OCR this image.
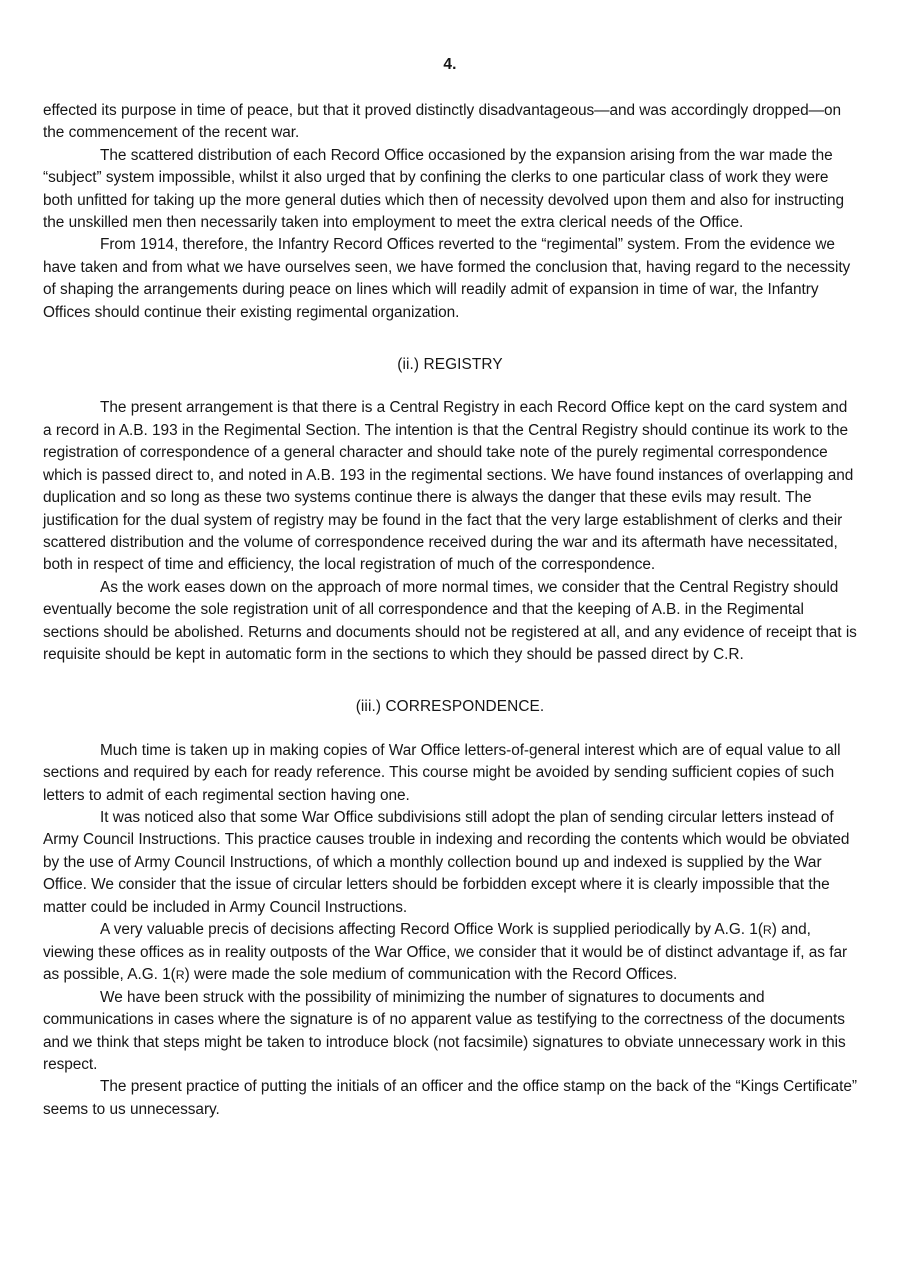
4.

effected its purpose in time of peace, but that it proved distinctly disadvantageous—and was accordingly dropped—on the commencement of the recent war.

The scattered distribution of each Record Office occasioned by the expansion arising from the war made the “subject” system impossible, whilst it also urged that by confining the clerks to one particular class of work they were both unfitted for taking up the more general duties which then of necessity devolved upon them and also for instructing the unskilled men then necessarily taken into employment to meet the extra clerical needs of the Office.

From 1914, therefore, the Infantry Record Offices reverted to the “regimental” system. From the evidence we have taken and from what we have ourselves seen, we have formed the conclusion that, having regard to the necessity of shaping the arrangements during peace on lines which will readily admit of expansion in time of war, the Infantry Offices should continue their existing regimental organization.

(ii.) REGISTRY

The present arrangement is that there is a Central Registry in each Record Office kept on the card system and a record in A.B. 193 in the Regimental Section. The intention is that the Central Registry should continue its work to the registration of correspondence of a general character and should take note of the purely regimental correspondence which is passed direct to, and noted in A.B. 193 in the regimental sections. We have found instances of overlapping and duplication and so long as these two systems continue there is always the danger that these evils may result. The justification for the dual system of registry may be found in the fact that the very large establishment of clerks and their scattered distribution and the volume of correspondence received during the war and its aftermath have necessitated, both in respect of time and efficiency, the local registration of much of the correspondence.

As the work eases down on the approach of more normal times, we consider that the Central Registry should eventually become the sole registration unit of all correspondence and that the keeping of A.B. in the Regimental sections should be abolished. Returns and documents should not be registered at all, and any evidence of receipt that is requisite should be kept in automatic form in the sections to which they should be passed direct by C.R.

(iii.) CORRESPONDENCE.

Much time is taken up in making copies of War Office letters-of-general interest which are of equal value to all sections and required by each for ready reference. This course might be avoided by sending sufficient copies of such letters to admit of each regimental section having one.

It was noticed also that some War Office subdivisions still adopt the plan of sending circular letters instead of Army Council Instructions. This practice causes trouble in indexing and recording the contents which would be obviated by the use of Army Council Instructions, of which a monthly collection bound up and indexed is supplied by the War Office. We consider that the issue of circular letters should be forbidden except where it is clearly impossible that the matter could be included in Army Council Instructions.

A very valuable precis of decisions affecting Record Office Work is supplied periodically by A.G. 1(R) and, viewing these offices as in reality outposts of the War Office, we consider that it would be of distinct advantage if, as far as possible, A.G. 1(R) were made the sole medium of communication with the Record Offices.

We have been struck with the possibility of minimizing the number of signatures to documents and communications in cases where the signature is of no apparent value as testifying to the correctness of the documents and we think that steps might be taken to introduce block (not facsimile) signatures to obviate unnecessary work in this respect.

The present practice of putting the initials of an officer and the office stamp on the back of the “Kings Certificate” seems to us unnecessary.
